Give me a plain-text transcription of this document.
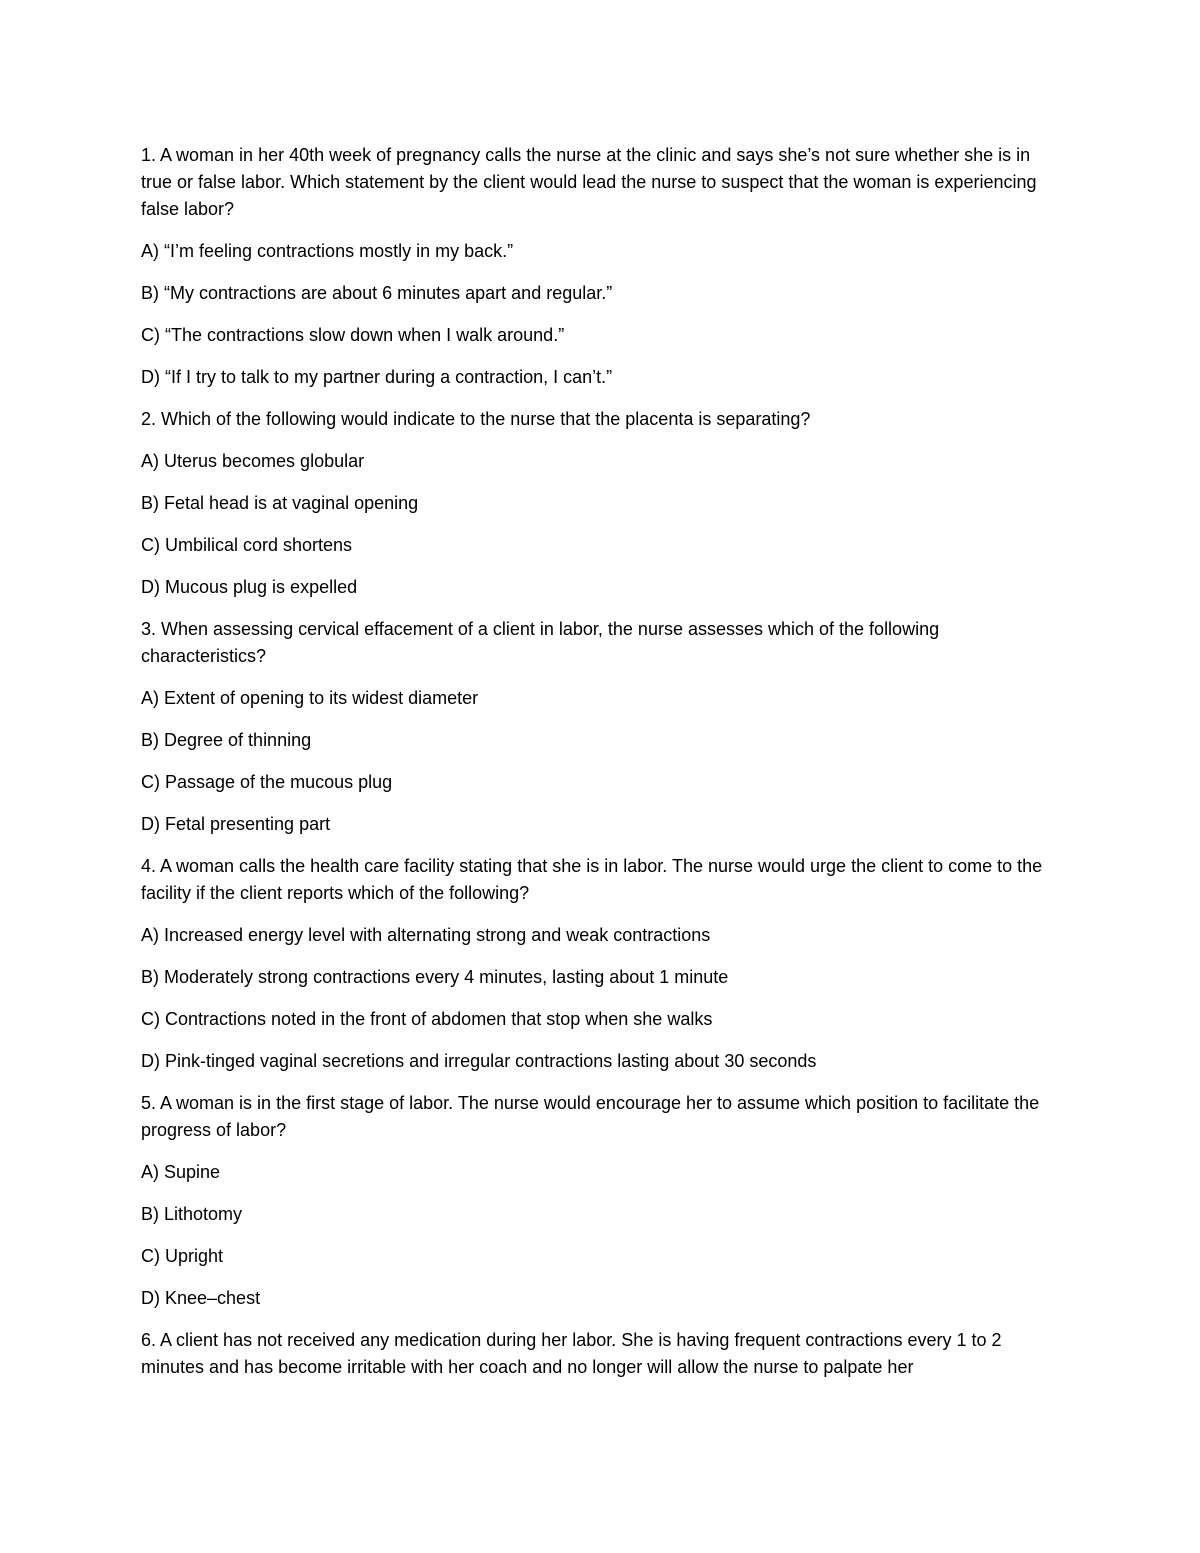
1. A woman in her 40th week of pregnancy calls the nurse at the clinic and says she’s not sure whether she is in true or false labor. Which statement by the client would lead the nurse to suspect that the woman is experiencing false labor?

A) “I’m feeling contractions mostly in my back.”

B) “My contractions are about 6 minutes apart and regular.”

C) “The contractions slow down when I walk around.”

D) “If I try to talk to my partner during a contraction, I can’t.”

2. Which of the following would indicate to the nurse that the placenta is separating?

A) Uterus becomes globular

B) Fetal head is at vaginal opening

C) Umbilical cord shortens

D) Mucous plug is expelled

3. When assessing cervical effacement of a client in labor, the nurse assesses which of the following characteristics?

A) Extent of opening to its widest diameter

B) Degree of thinning

C) Passage of the mucous plug

D) Fetal presenting part

4. A woman calls the health care facility stating that she is in labor. The nurse would urge the client to come to the facility if the client reports which of the following?

A) Increased energy level with alternating strong and weak contractions

B) Moderately strong contractions every 4 minutes, lasting about 1 minute

C) Contractions noted in the front of abdomen that stop when she walks

D) Pink-tinged vaginal secretions and irregular contractions lasting about 30 seconds

5. A woman is in the first stage of labor. The nurse would encourage her to assume which position to facilitate the progress of labor?

A) Supine

B) Lithotomy

C) Upright

D) Knee–chest

6. A client has not received any medication during her labor. She is having frequent contractions every 1 to 2 minutes and has become irritable with her coach and no longer will allow the nurse to palpate her
